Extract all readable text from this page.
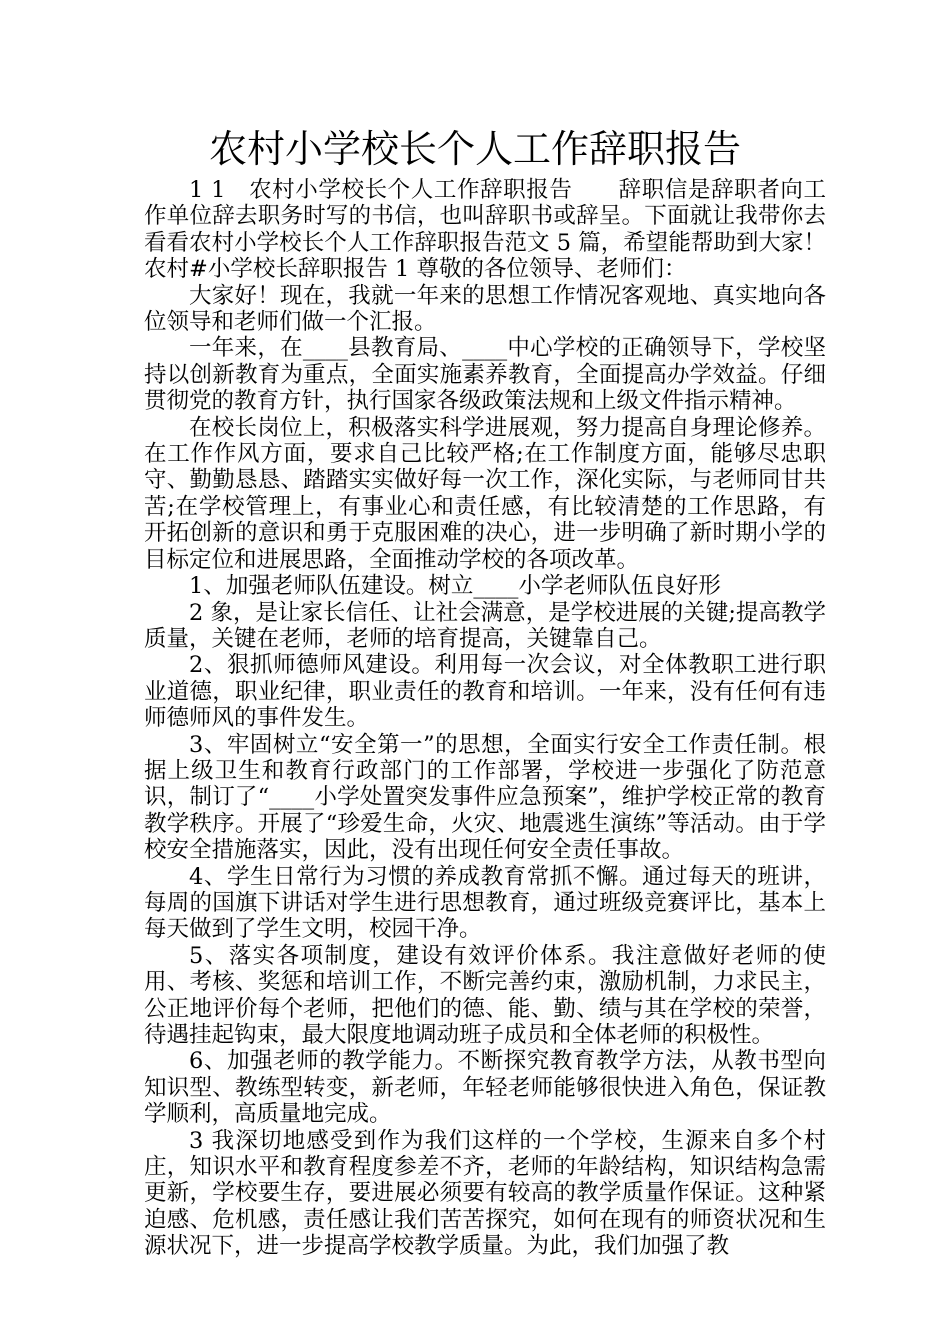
农村小学校长个人工作辞职报告

1 1　农村小学校长个人工作辞职报告　　辞职信是辞职者向工作单位辞去职务时写的书信，也叫辞职书或辞呈。下面就让我带你去看看农村小学校长个人工作辞职报告范文 5 篇，希望能帮助到大家！农村#小学校长辞职报告 1 尊敬的各位领导、老师们：

大家好！现在，我就一年来的思想工作情况客观地、真实地向各位领导和老师们做一个汇报。

一年来，在____县教育局、____中心学校的正确领导下，学校坚持以创新教育为重点，全面实施素养教育，全面提高办学效益。仔细贯彻党的教育方针，执行国家各级政策法规和上级文件指示精神。

在校长岗位上，积极落实科学进展观，努力提高自身理论修养。在工作作风方面，要求自己比较严格;在工作制度方面，能够尽忠职守、勤勤恳恳、踏踏实实做好每一次工作，深化实际，与老师同甘共苦;在学校管理上，有事业心和责任感，有比较清楚的工作思路，有开拓创新的意识和勇于克服困难的决心，进一步明确了新时期小学的目标定位和进展思路，全面推动学校的各项改革。

1、加强老师队伍建设。树立____小学老师队伍良好形

2 象，是让家长信任、让社会满意，是学校进展的关键;提高教学质量，关键在老师，老师的培育提高，关键靠自己。

2、狠抓师德师风建设。利用每一次会议，对全体教职工进行职业道德，职业纪律，职业责任的教育和培训。一年来，没有任何有违师德师风的事件发生。

3、牢固树立“安全第一”的思想，全面实行安全工作责任制。根据上级卫生和教育行政部门的工作部署，学校进一步强化了防范意识，制订了“____小学处置突发事件应急预案”，维护学校正常的教育教学秩序。开展了“珍爱生命，火灾、地震逃生演练”等活动。由于学校安全措施落实，因此，没有出现任何安全责任事故。

4、学生日常行为习惯的养成教育常抓不懈。通过每天的班讲，每周的国旗下讲话对学生进行思想教育，通过班级竞赛评比，基本上每天做到了学生文明，校园干净。

5、落实各项制度，建设有效评价体系。我注意做好老师的使用、考核、奖惩和培训工作，不断完善约束，激励机制，力求民主，公正地评价每个老师，把他们的德、能、勤、绩与其在学校的荣誉，待遇挂起钩束，最大限度地调动班子成员和全体老师的积极性。

6、加强老师的教学能力。不断探究教育教学方法，从教书型向知识型、教练型转变，新老师，年轻老师能够很快进入角色，保证教学顺利，高质量地完成。

3 我深切地感受到作为我们这样的一个学校，生源来自多个村庄，知识水平和教育程度参差不齐，老师的年龄结构，知识结构急需更新，学校要生存，要进展必须要有较高的教学质量作保证。这种紧迫感、危机感，责任感让我们苦苦探究，如何在现有的师资状况和生源状况下，进一步提高学校教学质量。为此，我们加强了教
